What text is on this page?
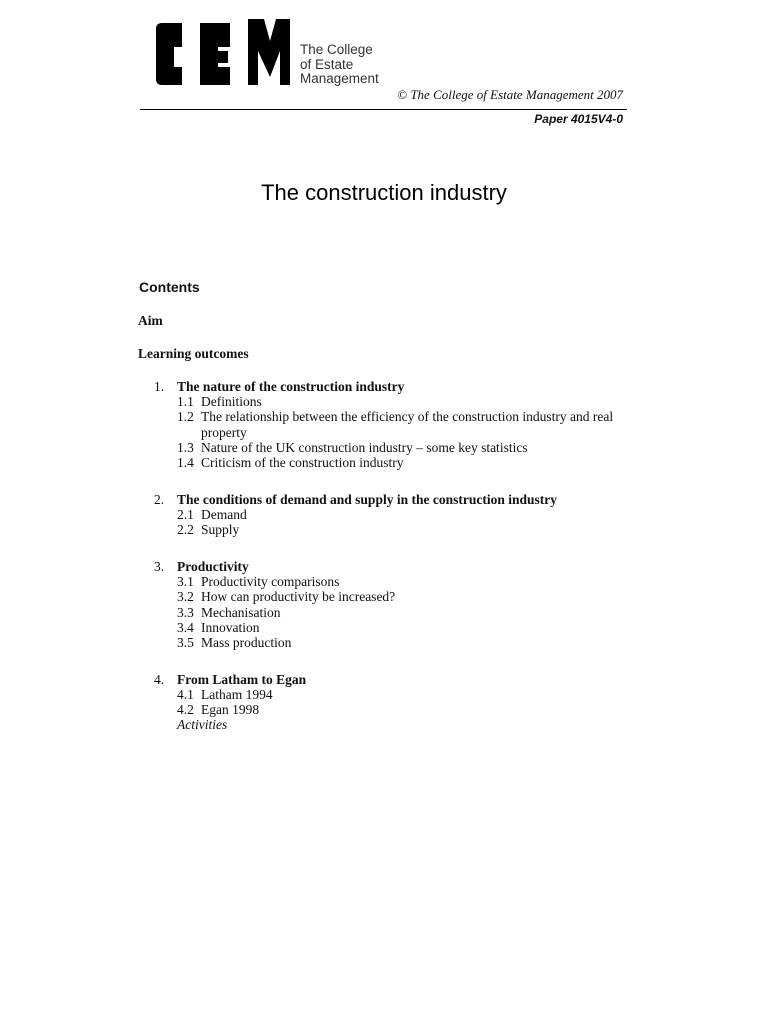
The College
of Estate
Management
© The College of Estate Management 2007
Paper 4015V4-0
The construction industry
Contents
Aim
Learning outcomes
1. The nature of the construction industry
1.1 Definitions
1.2 The relationship between the efficiency of the construction industry and real property
1.3 Nature of the UK construction industry – some key statistics
1.4 Criticism of the construction industry
2. The conditions of demand and supply in the construction industry
2.1 Demand
2.2 Supply
3. Productivity
3.1 Productivity comparisons
3.2 How can productivity be increased?
3.3 Mechanisation
3.4 Innovation
3.5 Mass production
4. From Latham to Egan
4.1 Latham 1994
4.2 Egan 1998
Activities
